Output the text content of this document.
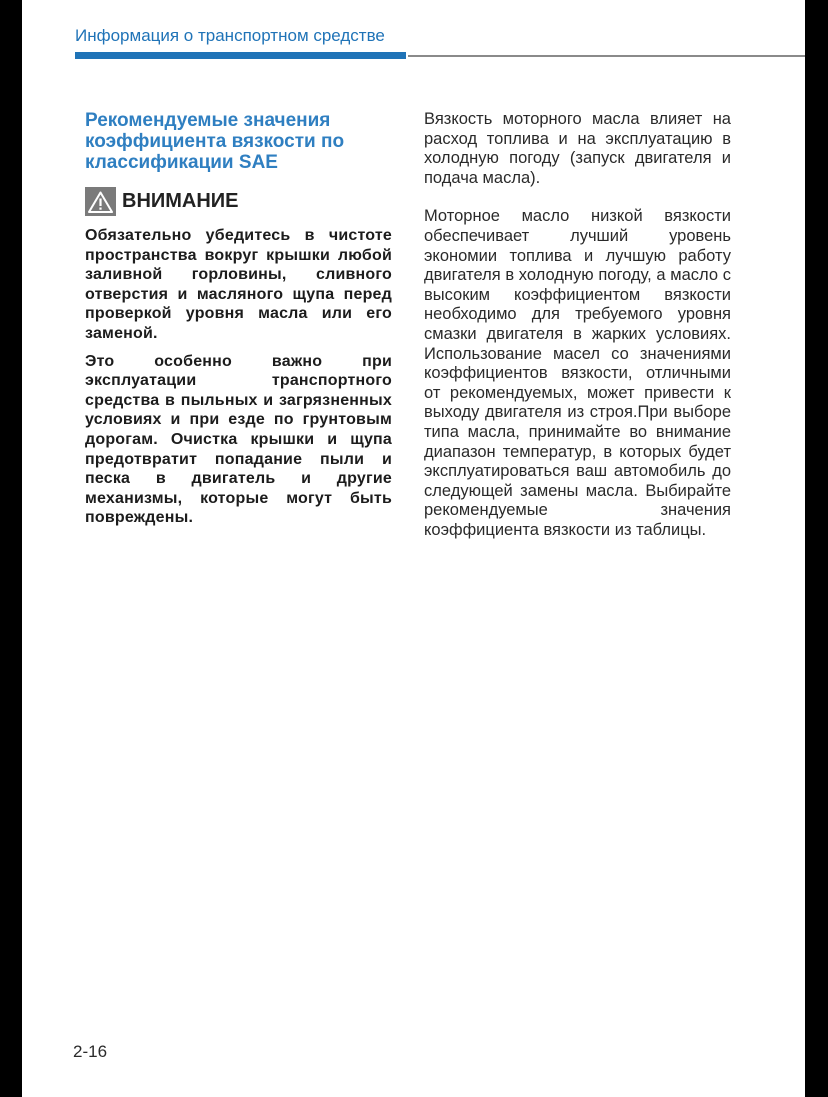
Информация о транспортном средстве
Рекомендуемые значения коэффициента вязкости по классификации SAE
ВНИМАНИЕ

Обязательно убедитесь в чистоте пространства вокруг крышки любой заливной горловины, сливного отверстия и масляного щупа перед проверкой уровня масла или его заменой.

Это особенно важно при эксплуатации транспортного средства в пыльных и загрязненных условиях и при езде по грунтовым дорогам. Очистка крышки и щупа предотвратит попадание пыли и песка в двигатель и другие механизмы, которые могут быть повреждены.

Вязкость моторного масла влияет на расход топлива и на эксплуатацию в холодную погоду (запуск двигателя и подача масла).

Моторное масло низкой вязкости обеспечивает лучший уровень экономии топлива и лучшую работу двигателя в холодную погоду, а масло с высоким коэффициентом вязкости необходимо для требуемого уровня смазки двигателя в жарких условиях. Использование масел со значениями коэффициентов вязкости, отличными от рекомендуемых, может привести к выходу двигателя из строя.При выборе типа масла, принимайте во внимание диапазон температур, в которых будет эксплуатироваться ваш автомобиль до следующей замены масла. Выбирайте рекомендуемые значения коэффициента вязкости из таблицы.

2-16
